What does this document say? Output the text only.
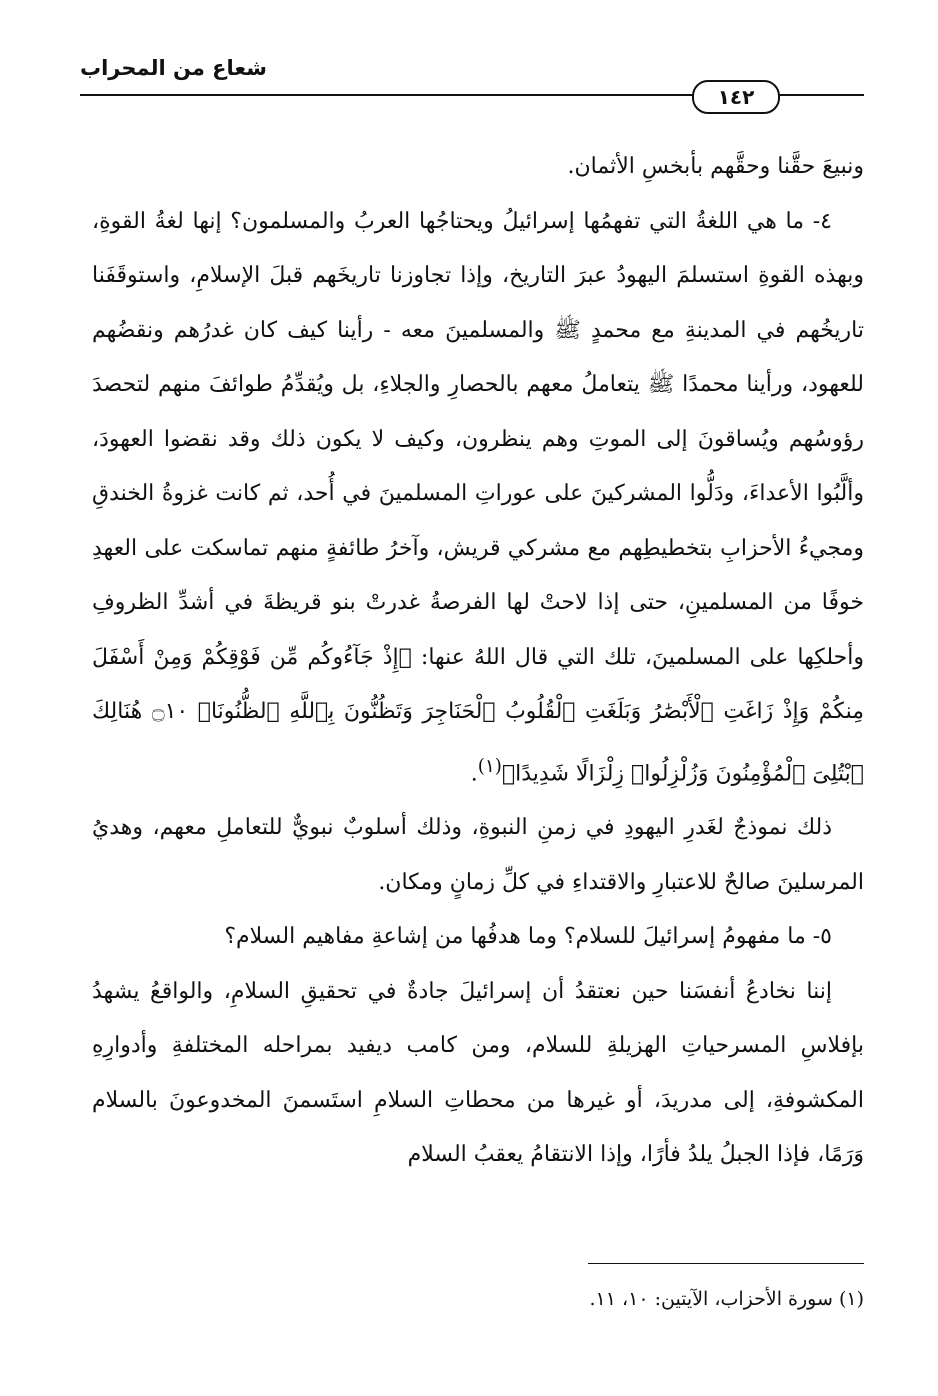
شعاع من المحراب
١٤٢

ونبيعَ حقَّنا وحقَّهم بأبخسِ الأثمان.

٤- ما هي اللغةُ التي تفهمُها إسرائيلُ ويحتاجُها العربُ والمسلمون؟ إنها لغةُ القوةِ، وبهذه القوةِ استسلمَ اليهودُ عبرَ التاريخ، وإذا تجاوزنا تاريخَهم قبلَ الإسلامِ، واستوقَفَنا تاريخُهم في المدينةِ مع محمدٍ ﷺ والمسلمينَ معه - رأينا كيف كان غدرُهم ونقضُهم للعهود، ورأينا محمدًا ﷺ يتعاملُ معهم بالحصارِ والجلاءِ، بل ويُقدِّمُ طوائفَ منهم لتحصدَ رؤوسُهم ويُساقونَ إلى الموتِ وهم ينظرون، وكيف لا يكون ذلك وقد نقضوا العهودَ، وألَّبُوا الأعداءَ، ودَلُّوا المشركينَ على عوراتِ المسلمينَ في أُحد، ثم كانت غزوةُ الخندقِ ومجيءُ الأحزابِ بتخطيطِهم مع مشركي قريش، وآخرُ طائفةٍ منهم تماسكت على العهدِ خوفًا من المسلمينِ، حتى إذا لاحتْ لها الفرصةُ غدرتْ بنو قريظةَ في أشدِّ الظروفِ وأحلكِها على المسلمينَ، تلك التي قال اللهُ عنها: ﴿إِذْ جَآءُوكُم مِّن فَوْقِكُمْ وَمِنْ أَسْفَلَ مِنكُمْ وَإِذْ زَاغَتِ ٱلْأَبْصَٰرُ وَبَلَغَتِ ٱلْقُلُوبُ ٱلْحَنَاجِرَ وَتَظُنُّونَ بِٱللَّهِ ٱلظُّنُونَا۠ ۝١٠ هُنَالِكَ ٱبْتُلِىَ ٱلْمُؤْمِنُونَ وَزُلْزِلُوا۟ زِلْزَالًا شَدِيدًا﴾$^{(١)}$.

ذلك نموذجٌ لغَدرِ اليهودِ في زمنِ النبوةِ، وذلك أسلوبٌ نبويٌّ للتعاملِ معهم، وهديُ المرسلينَ صالحٌ للاعتبارِ والاقتداءِ في كلِّ زمانٍ ومكان.

٥- ما مفهومُ إسرائيلَ للسلام؟ وما هدفُها من إشاعةِ مفاهيم السلام؟

إننا نخادعُ أنفسَنا حين نعتقدُ أن إسرائيلَ جادةٌ في تحقيقِ السلامِ، والواقعُ يشهدُ بإفلاسِ المسرحياتِ الهزيلةِ للسلام، ومن كامب ديفيد بمراحله المختلفةِ وأدوارِهِ المكشوفةِ، إلى مدريدَ، أو غيرها من محطاتِ السلامِ استَسمنَ المخدوعونَ بالسلام وَرَمًا، فإذا الجبلُ يلدُ فأرًا، وإذا الانتقامُ يعقبُ السلام

(١) سورة الأحزاب، الآيتين: ١٠، ١١.
